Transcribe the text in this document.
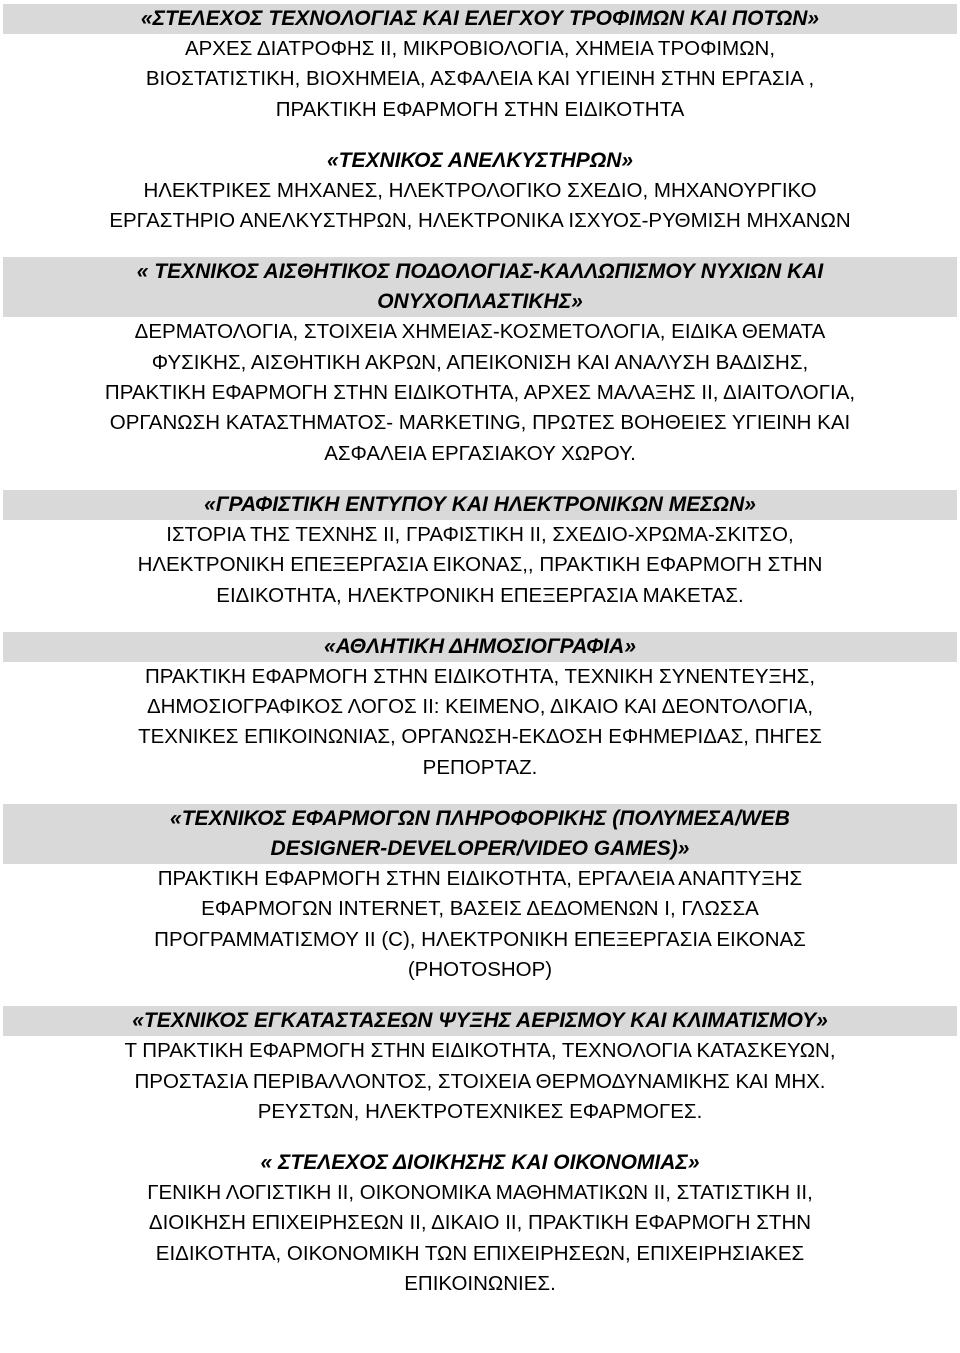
«ΣΤΕΛΕΧΟΣ ΤΕΧΝΟΛΟΓΙΑΣ ΚΑΙ ΕΛΕΓΧΟΥ ΤΡΟΦΙΜΩΝ ΚΑΙ ΠΟΤΩΝ»
ΑΡΧΕΣ ΔΙΑΤΡΟΦΗΣ ΙΙ, ΜΙΚΡΟΒΙΟΛΟΓΙΑ, ΧΗΜΕΙΑ ΤΡΟΦΙΜΩΝ,
ΒΙΟΣΤΑΤΙΣΤΙΚΗ, ΒΙΟΧΗΜΕΙΑ, ΑΣΦΑΛΕΙΑ ΚΑΙ ΥΓΙΕΙΝΗ ΣΤΗΝ ΕΡΓΑΣΙΑ ,
ΠΡΑΚΤΙΚΗ ΕΦΑΡΜΟΓΗ ΣΤΗΝ ΕΙΔΙΚΟΤΗΤΑ
«ΤΕΧΝΙΚΟΣ ΑΝΕΛΚΥΣΤΗΡΩΝ»
ΗΛΕΚΤΡΙΚΕΣ ΜΗΧΑΝΕΣ, ΗΛΕΚΤΡΟΛΟΓΙΚΟ ΣΧΕΔΙΟ, ΜΗΧΑΝΟΥΡΓΙΚΟ
ΕΡΓΑΣΤΗΡΙΟ ΑΝΕΛΚΥΣΤΗΡΩΝ, ΗΛΕΚΤΡΟΝΙΚΑ ΙΣΧΥΟΣ-ΡΥΘΜΙΣΗ ΜΗΧΑΝΩΝ
« ΤΕΧΝΙΚΟΣ ΑΙΣΘΗΤΙΚΟΣ ΠΟΔΟΛΟΓΙΑΣ-ΚΑΛΛΩΠΙΣΜΟΥ ΝΥΧΙΩΝ ΚΑΙ
ΟΝΥΧΟΠΛΑΣΤΙΚΗΣ»
ΔΕΡΜΑΤΟΛΟΓΙΑ, ΣΤΟΙΧΕΙΑ ΧΗΜΕΙΑΣ-ΚΟΣΜΕΤΟΛΟΓΙΑ, ΕΙΔΙΚΑ ΘΕΜΑΤΑ
ΦΥΣΙΚΗΣ, ΑΙΣΘΗΤΙΚΗ ΑΚΡΩΝ, ΑΠΕΙΚΟΝΙΣΗ ΚΑΙ ΑΝΑΛΥΣΗ ΒΑΔΙΣΗΣ,
ΠΡΑΚΤΙΚΗ ΕΦΑΡΜΟΓΗ ΣΤΗΝ ΕΙΔΙΚΟΤΗΤΑ, ΑΡΧΕΣ ΜΑΛΑΞΗΣ ΙΙ, ΔΙΑΙΤΟΛΟΓΙΑ,
ΟΡΓΑΝΩΣΗ ΚΑΤΑΣΤΗΜΑΤΟΣ- MARKETING, ΠΡΩΤΕΣ ΒΟΗΘΕΙΕΣ ΥΓΙΕΙΝΗ ΚΑΙ
ΑΣΦΑΛΕΙΑ ΕΡΓΑΣΙΑΚΟΥ ΧΩΡΟΥ.
«ΓΡΑΦΙΣΤΙΚΗ ΕΝΤΥΠΟΥ ΚΑΙ ΗΛΕΚΤΡΟΝΙΚΩΝ ΜΕΣΩΝ»
ΙΣΤΟΡΙΑ ΤΗΣ ΤΕΧΝΗΣ ΙΙ, ΓΡΑΦΙΣΤΙΚΗ ΙΙ, ΣΧΕΔΙΟ-ΧΡΩΜΑ-ΣΚΙΤΣΟ,
ΗΛΕΚΤΡΟΝΙΚΗ ΕΠΕΞΕΡΓΑΣΙΑ ΕΙΚΟΝΑΣ,, ΠΡΑΚΤΙΚΗ ΕΦΑΡΜΟΓΗ ΣΤΗΝ
ΕΙΔΙΚΟΤΗΤΑ, ΗΛΕΚΤΡΟΝΙΚΗ ΕΠΕΞΕΡΓΑΣΙΑ ΜΑΚΕΤΑΣ.
«ΑΘΛΗΤΙΚΗ ΔΗΜΟΣΙΟΓΡΑΦΙΑ»
ΠΡΑΚΤΙΚΗ ΕΦΑΡΜΟΓΗ ΣΤΗΝ ΕΙΔΙΚΟΤΗΤΑ, ΤΕΧΝΙΚΗ ΣΥΝΕΝΤΕΥΞΗΣ,
ΔΗΜΟΣΙΟΓΡΑΦΙΚΟΣ ΛΟΓΟΣ ΙΙ: ΚΕΙΜΕΝΟ, ΔΙΚΑΙΟ ΚΑΙ ΔΕΟΝΤΟΛΟΓΙΑ,
ΤΕΧΝΙΚΕΣ ΕΠΙΚΟΙΝΩΝΙΑΣ, ΟΡΓΑΝΩΣΗ-ΕΚΔΟΣΗ ΕΦΗΜΕΡΙΔΑΣ, ΠΗΓΕΣ
ΡΕΠΟΡΤΑΖ.
«ΤΕΧΝΙΚΟΣ ΕΦΑΡΜΟΓΩΝ ΠΛΗΡΟΦΟΡΙΚΗΣ (ΠΟΛΥΜΕΣΑ/WEB
DESIGNER-DEVELOPER/VIDEO GAMES)»
ΠΡΑΚΤΙΚΗ ΕΦΑΡΜΟΓΗ ΣΤΗΝ ΕΙΔΙΚΟΤΗΤΑ, ΕΡΓΑΛΕΙΑ ΑΝΑΠΤΥΞΗΣ
ΕΦΑΡΜΟΓΩΝ INTERNET, ΒΑΣΕΙΣ ΔΕΔΟΜΕΝΩΝ Ι, ΓΛΩΣΣΑ
ΠΡΟΓΡΑΜΜΑΤΙΣΜΟΥ ΙΙ (C), ΗΛΕΚΤΡΟΝΙΚΗ ΕΠΕΞΕΡΓΑΣΙΑ ΕΙΚΟΝΑΣ
(PHOTOSHOP)
«ΤΕΧΝΙΚΟΣ ΕΓΚΑΤΑΣΤΑΣΕΩΝ ΨΥΞΗΣ ΑΕΡΙΣΜΟΥ ΚΑΙ ΚΛΙΜΑΤΙΣΜΟΥ»
Τ ΠΡΑΚΤΙΚΗ ΕΦΑΡΜΟΓΗ ΣΤΗΝ ΕΙΔΙΚΟΤΗΤΑ, ΤΕΧΝΟΛΟΓΙΑ ΚΑΤΑΣΚΕΥΩΝ,
ΠΡΟΣΤΑΣΙΑ ΠΕΡΙΒΑΛΛΟΝΤΟΣ, ΣΤΟΙΧΕΙΑ ΘΕΡΜΟΔΥΝΑΜΙΚΗΣ ΚΑΙ ΜΗΧ.
ΡΕΥΣΤΩΝ, ΗΛΕΚΤΡΟΤΕΧΝΙΚΕΣ ΕΦΑΡΜΟΓΕΣ.
« ΣΤΕΛΕΧΟΣ ΔΙΟΙΚΗΣΗΣ ΚΑΙ ΟΙΚΟΝΟΜΙΑΣ»
ΓΕΝΙΚΗ ΛΟΓΙΣΤΙΚΗ ΙΙ, ΟΙΚΟΝΟΜΙΚΑ ΜΑΘΗΜΑΤΙΚΩΝ ΙΙ, ΣΤΑΤΙΣΤΙΚΗ ΙΙ,
ΔΙΟΙΚΗΣΗ ΕΠΙΧΕΙΡΗΣΕΩΝ ΙΙ, ΔΙΚΑΙΟ ΙΙ, ΠΡΑΚΤΙΚΗ ΕΦΑΡΜΟΓΗ ΣΤΗΝ
ΕΙΔΙΚΟΤΗΤΑ, ΟΙΚΟΝΟΜΙΚΗ ΤΩΝ ΕΠΙΧΕΙΡΗΣΕΩΝ, ΕΠΙΧΕΙΡΗΣΙΑΚΕΣ
ΕΠΙΚΟΙΝΩΝΙΕΣ.
